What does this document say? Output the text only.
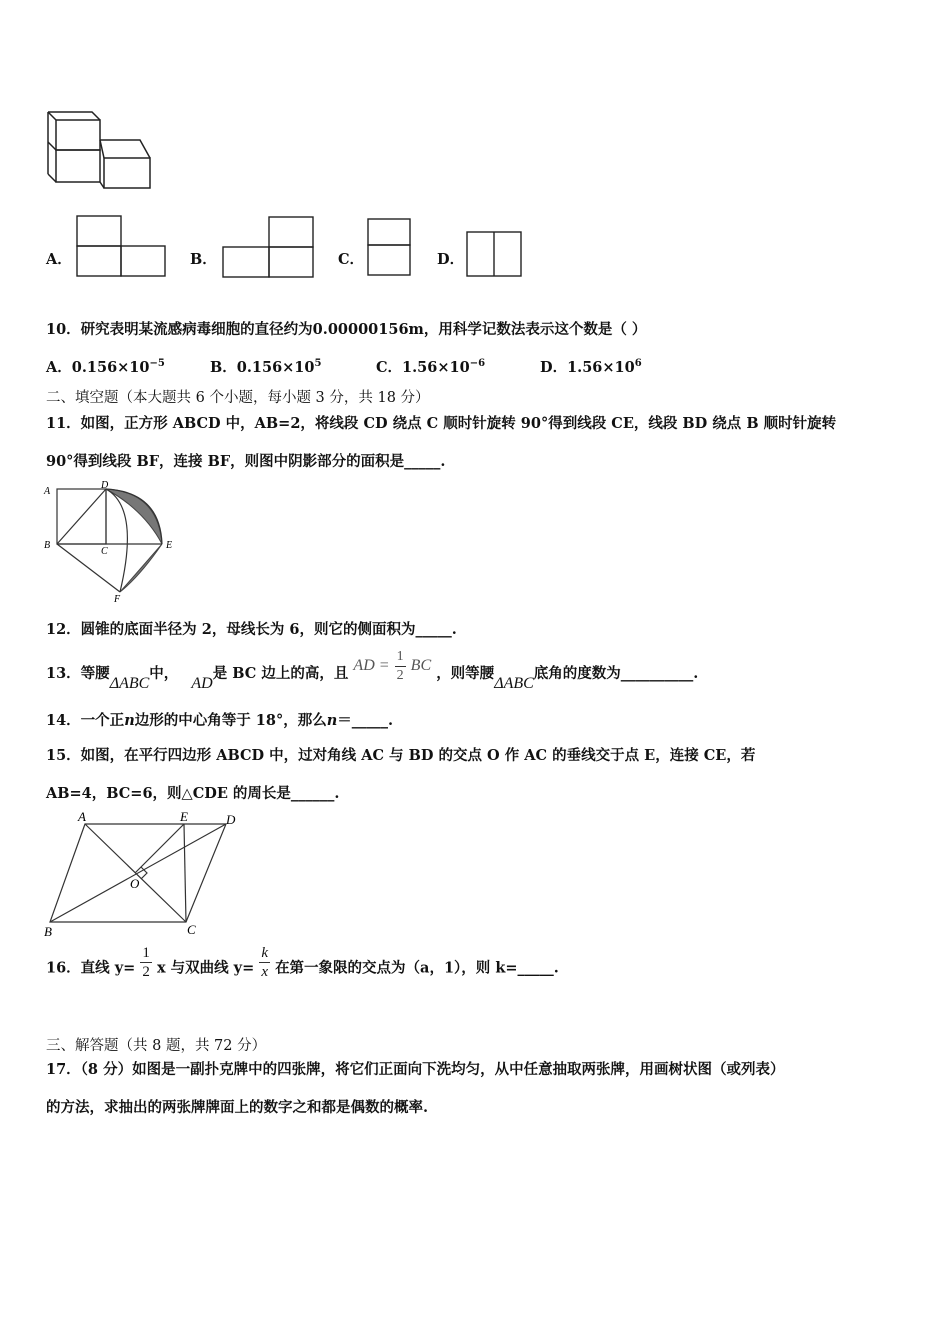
A．	B．	C．	D．
10．研究表明某流感病毒细胞的直径约为0.00000156m，用科学记数法表示这个数是（ ）
A．$0.156\times 10^{-5}$	B．$0.156\times 10^5$	C．$1.56\times 10^{-6}$	D．$1.56\times 10^6$
二、填空题（本大题共 6 个小题，每小题 3 分，共 18 分）
11．如图，正方形 ABCD 中，AB=2，将线段 CD 绕点 C 顺时针旋转 90°得到线段 CE，线段 BD 绕点 B 顺时针旋转
90°得到线段 BF，连接 BF，则图中阴影部分的面积是_____.
A
D
B
C
E
F
12．圆锥的底面半径为 2，母线长为 6，则它的侧面积为_____.
13．等腰ΔABC中， AD是 BC 边上的高，且 AD = $\frac{1}{2}$ BC ，则等腰ΔABC底角的度数为__________.
14．一个正n边形的中心角等于 18°，那么n＝_____.
15．如图，在平行四边形 ABCD 中，过对角线 AC 与 BD 的交点 O 作 AC 的垂线交于点 E，连接 CE，若
AB=4，BC=6，则△CDE 的周长是______.
A	E	D
O
B	C
16．直线 $y= \frac{1}{2}$ x 与双曲线 $y= \frac{k}{x}$ 在第一象限的交点为（a，1），则 k=_____.
三、解答题（共 8 题，共 72 分）
17．（8 分）如图是一副扑克牌中的四张牌，将它们正面向下洗均匀，从中任意抽取两张牌，用画树状图（或列表）
的方法，求抽出的两张牌牌面上的数字之和都是偶数的概率.
